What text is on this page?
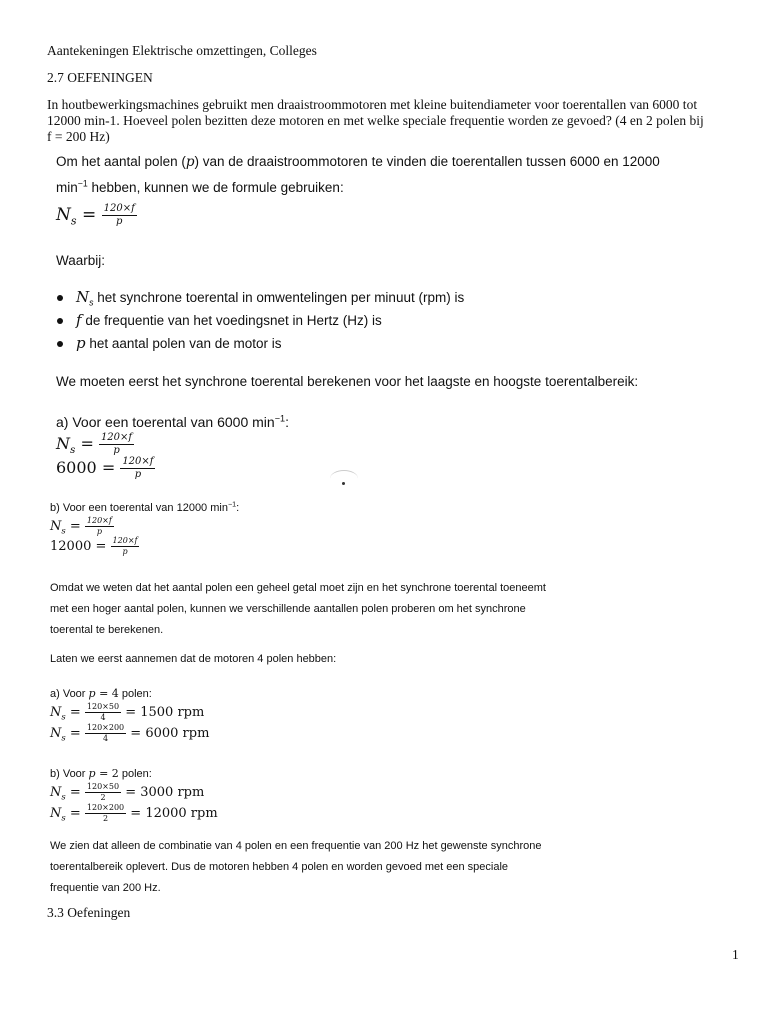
Aantekeningen Elektrische omzettingen, Colleges
2.7 OEFENINGEN
In houtbewerkingsmachines gebruikt men draaistroommotoren met kleine buitendiameter voor toerentallen van 6000 tot
12000 min-1. Hoeveel polen bezitten deze motoren en met welke speciale frequentie worden ze gevoed? (4 en 2 polen bij
f = 200 Hz)
Om het aantal polen (p) van de draaistroommotoren te vinden die toerentallen tussen 6000 en 12000
$\min^{-1}$ hebben, kunnen we de formule gebruiken:
$N_s = \frac{120\times f}{p}$
Waarbij:
$N_s$ het synchrone toerental in omwentelingen per minuut (rpm) is
f de frequentie van het voedingsnet in Hertz (Hz) is
p het aantal polen van de motor is
We moeten eerst het synchrone toerental berekenen voor het laagste en hoogste toerentalbereik:
a) Voor een toerental van 6000 $\min^{-1}$:
$N_s = \frac{120\times f}{p}$
$6000 = \frac{120\times f}{p}$
b) Voor een toerental van 12000 $\min^{-1}$:
$N_s = \frac{120\times f}{p}$
$12000 = \frac{120\times f}{p}$
Omdat we weten dat het aantal polen een geheel getal moet zijn en het synchrone toerental toeneemt
met een hoger aantal polen, kunnen we verschillende aantallen polen proberen om het synchrone
toerental te berekenen.
Laten we eerst aannemen dat de motoren 4 polen hebben:
a) Voor p = 4 polen:
$N_s = \frac{120\times 50}{4} = 1500$ rpm
$N_s = \frac{120\times 200}{4} = 6000$ rpm
b) Voor p = 2 polen:
$N_s = \frac{120\times 50}{2} = 3000$ rpm
$N_s = \frac{120\times 200}{2} = 12000$ rpm
We zien dat alleen de combinatie van 4 polen en een frequentie van 200 Hz het gewenste synchrone
toerentalbereik oplevert. Dus de motoren hebben 4 polen en worden gevoed met een speciale
frequentie van 200 Hz.
3.3 Oefeningen
1
